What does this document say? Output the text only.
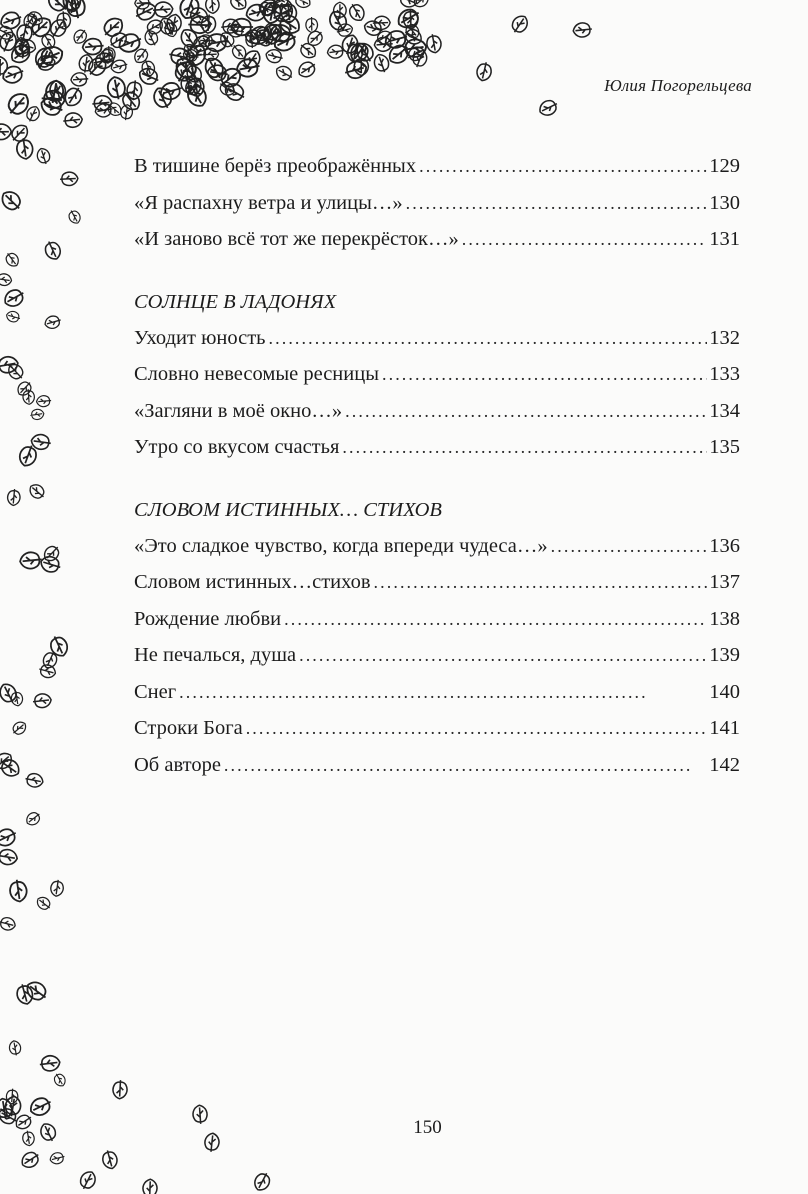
Юлия Погорельцева
В тишине берёз преображённых . . .	129
«Я распахну ветра и улицы…» . . .	130
«И заново всё тот же перекрёсток…» . . .	131
СОЛНЦЕ В ЛАДОНЯХ
Уходит юность . . .	132
Словно невесомые ресницы . . .	133
«Загляни в моё окно…» . . .	134
Утро со вкусом счастья . . .	135
СЛОВОМ ИСТИННЫХ… СТИХОВ
«Это сладкое чувство, когда впереди чудеса…» . . .	136
Словом истинных…стихов . . .	137
Рождение любви . . .	138
Не печалься, душа . . .	139
Снег . . .	140
Строки Бога . . .	141
Об авторе . . .	142
150
